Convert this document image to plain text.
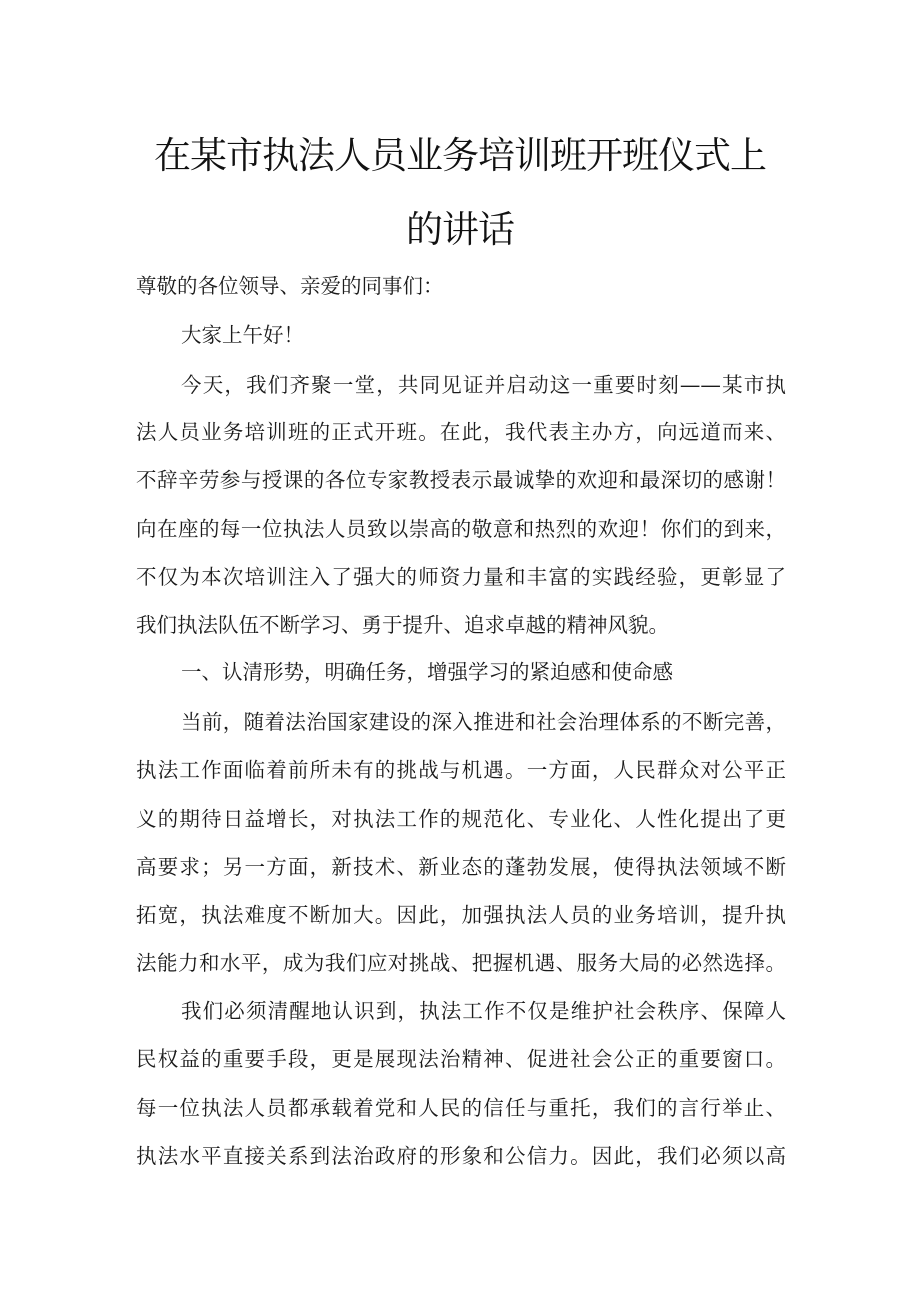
在某市执法人员业务培训班开班仪式上
的讲话
尊敬的各位领导、亲爱的同事们：
大家上午好！
今天，我们齐聚一堂，共同见证并启动这一重要时刻——某市执
法人员业务培训班的正式开班。在此，我代表主办方，向远道而来、
不辞辛劳参与授课的各位专家教授表示最诚挚的欢迎和最深切的感谢！
向在座的每一位执法人员致以崇高的敬意和热烈的欢迎！你们的到来，
不仅为本次培训注入了强大的师资力量和丰富的实践经验，更彰显了
我们执法队伍不断学习、勇于提升、追求卓越的精神风貌。
一、认清形势，明确任务，增强学习的紧迫感和使命感
当前，随着法治国家建设的深入推进和社会治理体系的不断完善，
执法工作面临着前所未有的挑战与机遇。一方面，人民群众对公平正
义的期待日益增长，对执法工作的规范化、专业化、人性化提出了更
高要求；另一方面，新技术、新业态的蓬勃发展，使得执法领域不断
拓宽，执法难度不断加大。因此，加强执法人员的业务培训，提升执
法能力和水平，成为我们应对挑战、把握机遇、服务大局的必然选择。
我们必须清醒地认识到，执法工作不仅是维护社会秩序、保障人
民权益的重要手段，更是展现法治精神、促进社会公正的重要窗口。
每一位执法人员都承载着党和人民的信任与重托，我们的言行举止、
执法水平直接关系到法治政府的形象和公信力。因此，我们必须以高
